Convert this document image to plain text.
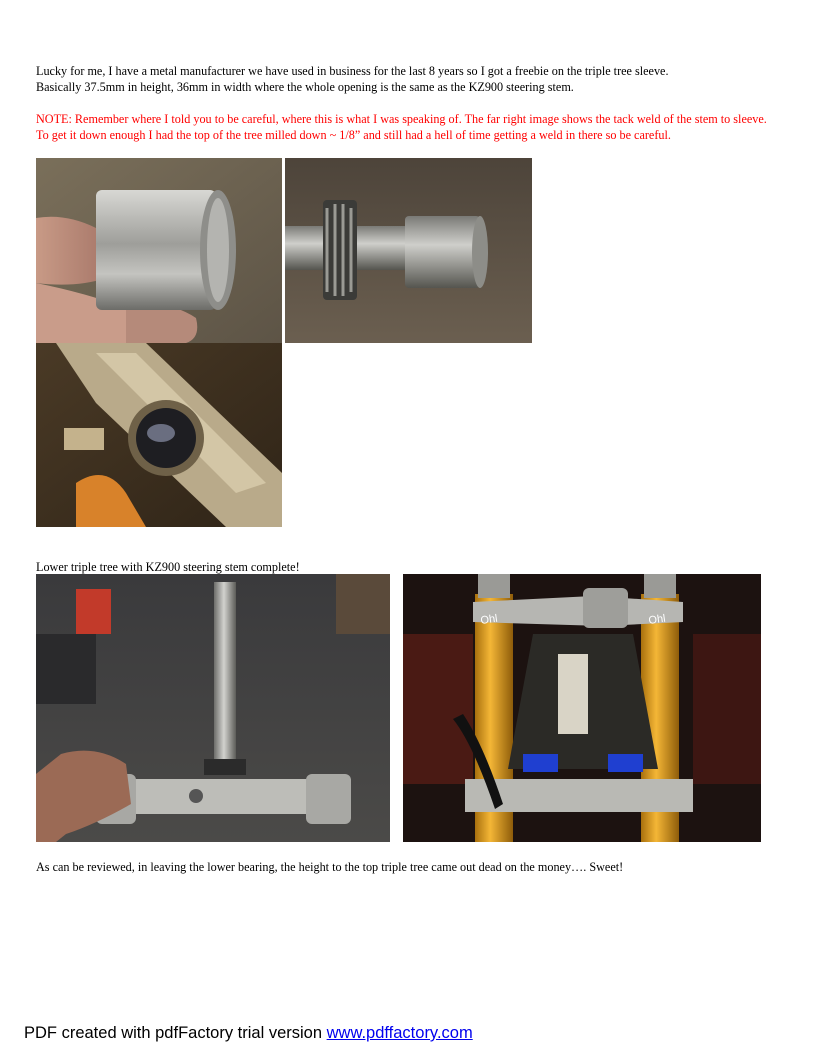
Lucky for me, I have a metal manufacturer we have used in business for the last 8 years so I got a freebie on the triple tree sleeve.
Basically 37.5mm in height, 36mm in width where the whole opening is the same as the KZ900 steering stem.
NOTE: Remember where I told you to be careful, where this is what I was speaking of. The far right image shows the tack weld of the stem to sleeve. To get it down enough I had the top of the tree milled down ~ 1/8” and still had a hell of time getting a weld in there so be careful.
Lower triple tree with KZ900 steering stem complete!
Ohl	Ohl
As can be reviewed, in leaving the lower bearing, the height to the top triple tree came out dead on the money…. Sweet!
PDF created with pdfFactory trial version www.pdffactory.com
